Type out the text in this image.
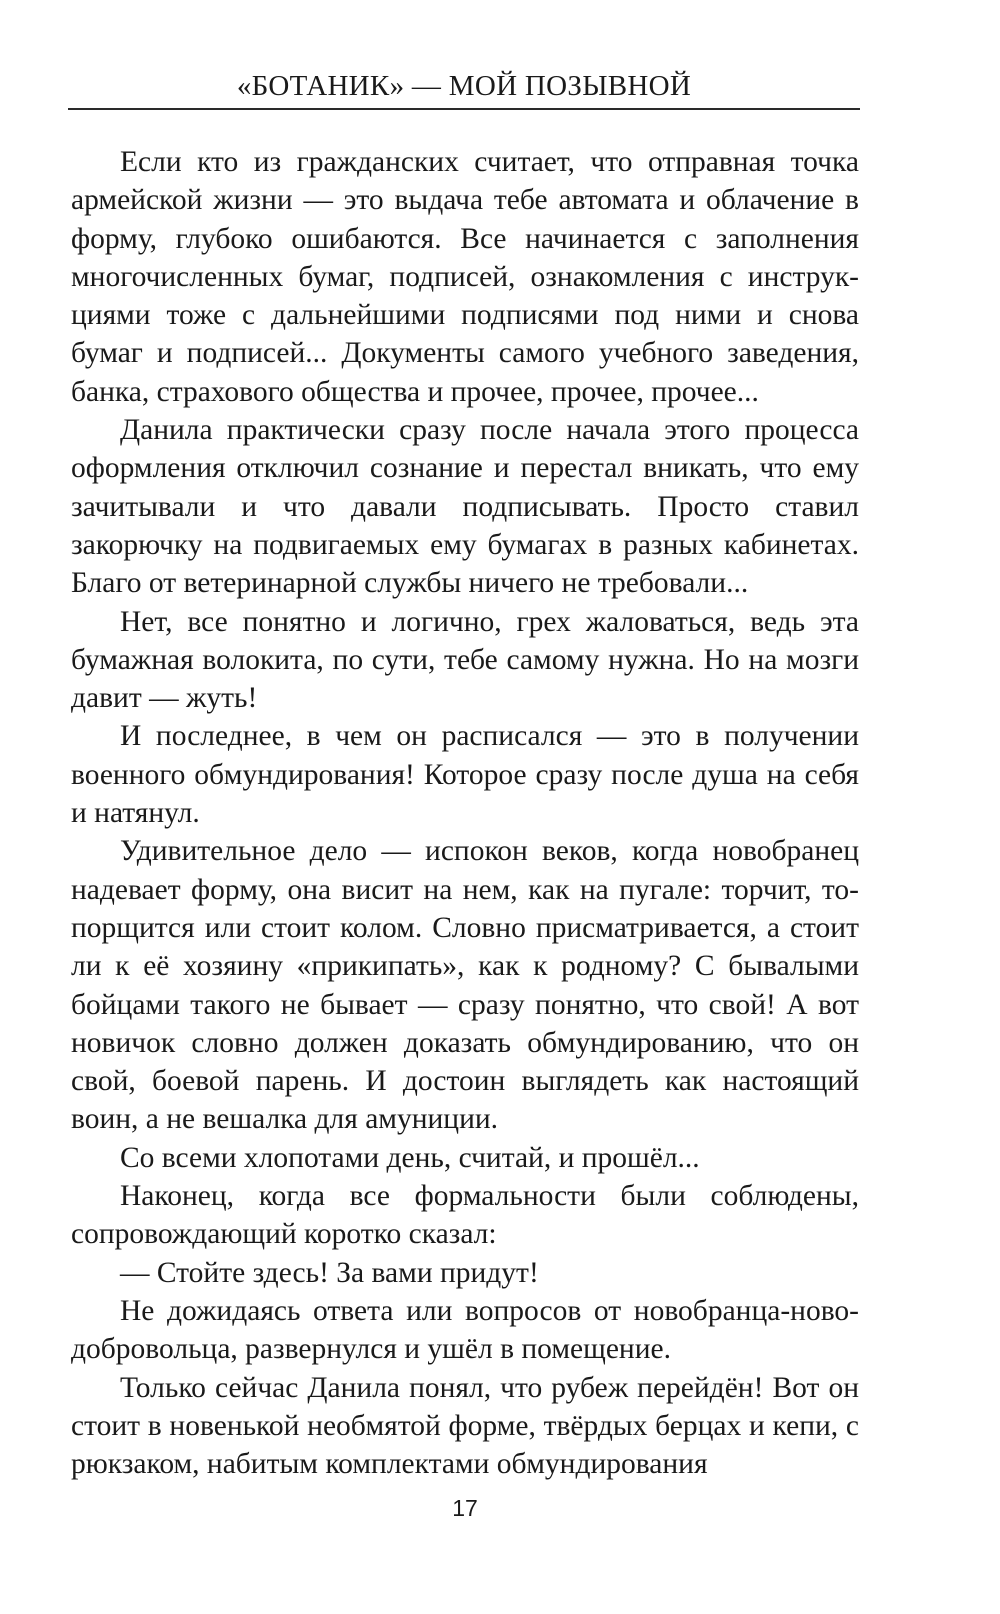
«БОТАНИК» — МОЙ ПОЗЫВНОЙ

Если кто из гражданских считает, что отправная точка армейской жизни — это выдача тебе автомата и облачение в форму, глубоко ошибаются. Все начинается с заполнения многочисленных бумаг, подписей, ознакомления с инструкциями тоже с дальнейшими подписями под ними и снова бумаг и подписей... Документы самого учебного заведения, банка, страхового общества и прочее, прочее, прочее...

Данила практически сразу после начала этого процесса оформления отключил сознание и перестал вникать, что ему зачитывали и что давали подписывать. Просто ставил закорючку на подвигаемых ему бумагах в разных кабинетах. Благо от ветеринарной службы ничего не требовали...

Нет, все понятно и логично, грех жаловаться, ведь эта бумажная волокита, по сути, тебе самому нужна. Но на мозги давит — жуть!

И последнее, в чем он расписался — это в получении военного обмундирования! Которое сразу после душа на себя и натянул.

Удивительное дело — испокон веков, когда новобранец надевает форму, она висит на нем, как на пугале: торчит, топорщится или стоит колом. Словно присматривается, а стоит ли к её хозяину «прикипать», как к родному? С бывалыми бойцами такого не бывает — сразу понятно, что свой! А вот новичок словно должен доказать обмундированию, что он свой, боевой парень. И достоин выглядеть как настоящий воин, а не вешалка для амуниции.

Со всеми хлопотами день, считай, и прошёл...

Наконец, когда все формальности были соблюдены, сопровождающий коротко сказал:

— Стойте здесь! За вами придут!

Не дожидаясь ответа или вопросов от новобранца-новодобровольца, развернулся и ушёл в помещение.

Только сейчас Данила понял, что рубеж перейдён! Вот он стоит в новенькой необмятой форме, твёрдых берцах и кепи, с рюкзаком, набитым комплектами обмундирования

17
